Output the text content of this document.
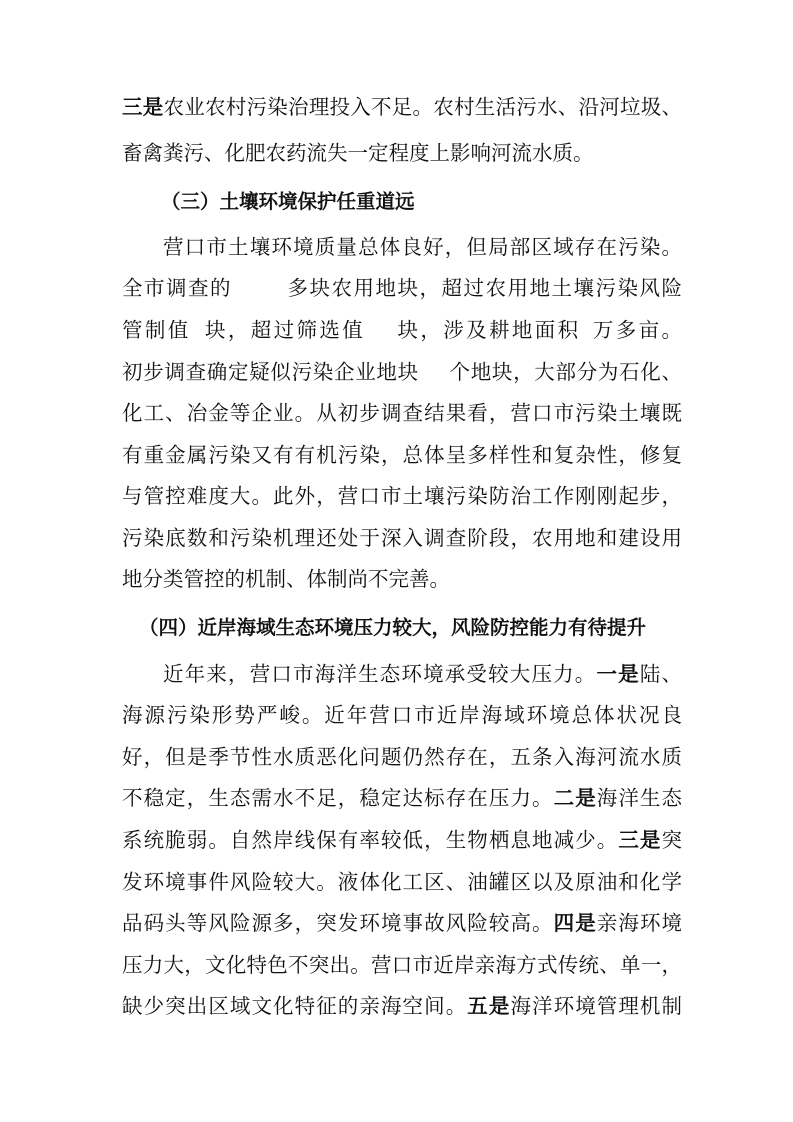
三是农业农村污染治理投入不足。农村生活污水、沿河垃圾、
畜禽粪污、化肥农药流失一定程度上影响河流水质。
（三）土壤环境保护任重道远
营口市土壤环境质量总体良好，但局部区域存在污染。
全市调查的	多块农用地块，超过农用地土壤污染风险
管制值 块，超过筛选值 块，涉及耕地面积 万多亩。
初步调查确定疑似污染企业地块 个地块，大部分为石化、
化工、冶金等企业。从初步调查结果看，营口市污染土壤既
有重金属污染又有有机污染，总体呈多样性和复杂性，修复
与管控难度大。此外，营口市土壤污染防治工作刚刚起步，
污染底数和污染机理还处于深入调查阶段，农用地和建设用
地分类管控的机制、体制尚不完善。
（四）近岸海域生态环境压力较大，风险防控能力有待提升
近年来，营口市海洋生态环境承受较大压力。一是陆、
海源污染形势严峻。近年营口市近岸海域环境总体状况良
好，但是季节性水质恶化问题仍然存在，五条入海河流水质
不稳定，生态需水不足，稳定达标存在压力。二是海洋生态
系统脆弱。自然岸线保有率较低，生物栖息地减少。三是突
发环境事件风险较大。液体化工区、油罐区以及原油和化学
品码头等风险源多，突发环境事故风险较高。四是亲海环境
压力大，文化特色不突出。营口市近岸亲海方式传统、单一，
缺少突出区域文化特征的亲海空间。五是海洋环境管理机制
